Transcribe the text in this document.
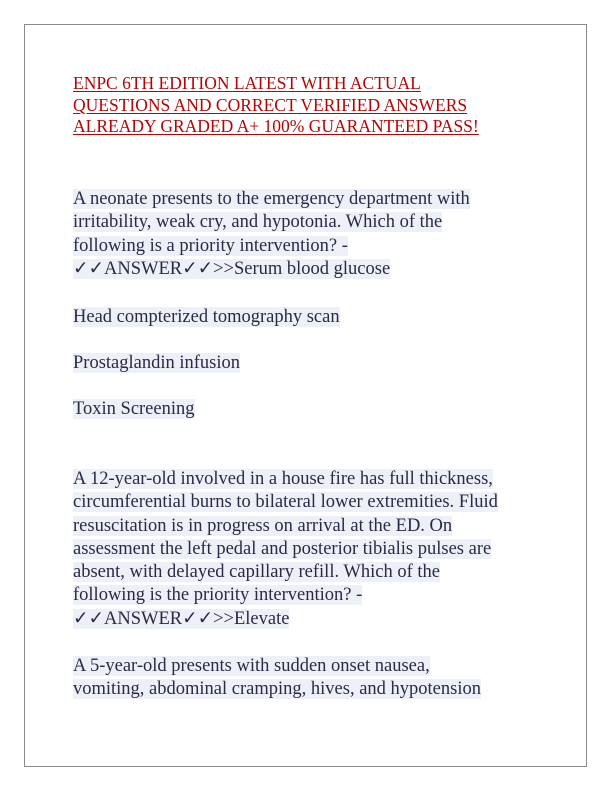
ENPC 6TH EDITION LATEST WITH ACTUAL
QUESTIONS AND CORRECT VERIFIED ANSWERS
ALREADY GRADED A+ 100% GUARANTEED PASS!
A neonate presents to the emergency department with
irritability, weak cry, and hypotonia. Which of the
following is a priority intervention? -
✓✓ANSWER✓✓>>Serum blood glucose
Head compterized tomography scan
Prostaglandin infusion
Toxin Screening
A 12-year-old involved in a house fire has full thickness,
circumferential burns to bilateral lower extremities. Fluid
resuscitation is in progress on arrival at the ED. On
assessment the left pedal and posterior tibialis pulses are
absent, with delayed capillary refill. Which of the
following is the priority intervention? -
✓✓ANSWER✓✓>>Elevate
A 5-year-old presents with sudden onset nausea,
vomiting, abdominal cramping, hives, and hypotension
